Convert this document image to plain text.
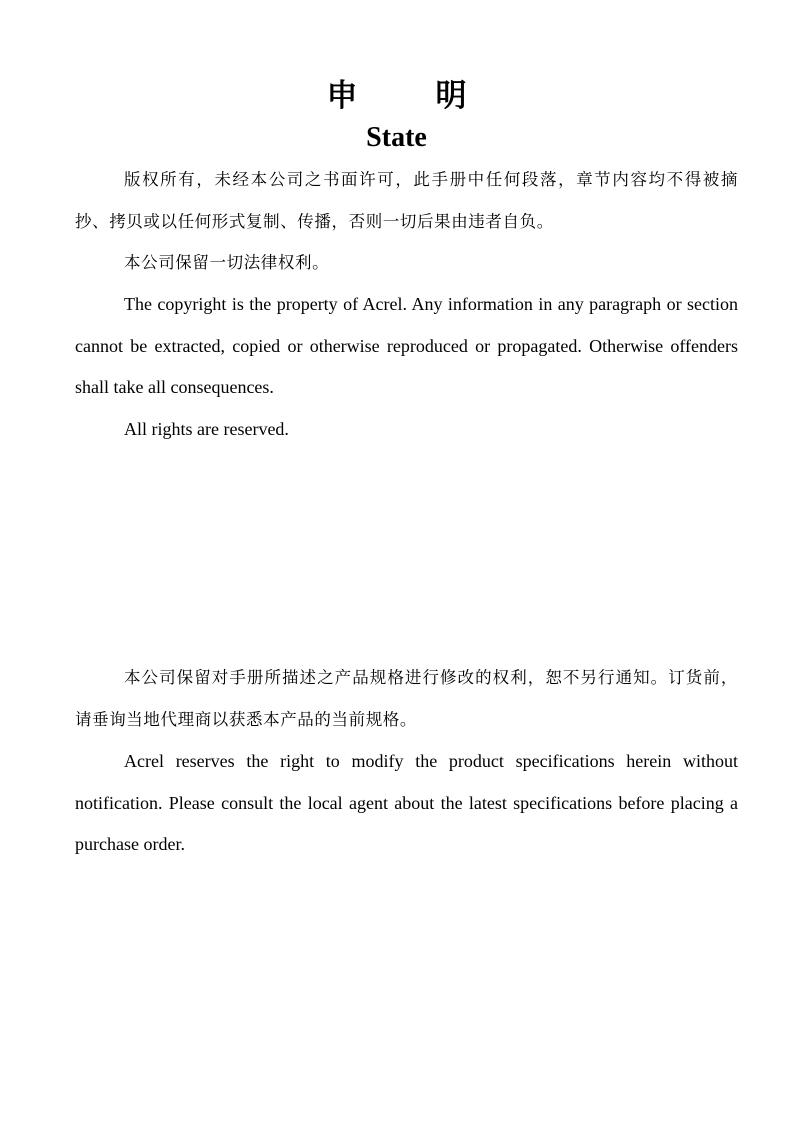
申明
State

版权所有，未经本公司之书面许可，此手册中任何段落，章节内容均不得被摘抄、拷贝或以任何形式复制、传播，否则一切后果由违者自负。

本公司保留一切法律权利。

The copyright is the property of Acrel. Any information in any paragraph or section cannot be extracted, copied or otherwise reproduced or propagated. Otherwise offenders shall take all consequences.

All rights are reserved.

本公司保留对手册所描述之产品规格进行修改的权利，恕不另行通知。订货前，请垂询当地代理商以获悉本产品的当前规格。

Acrel reserves the right to modify the product specifications herein without notification. Please consult the local agent about the latest specifications before placing a purchase order.
